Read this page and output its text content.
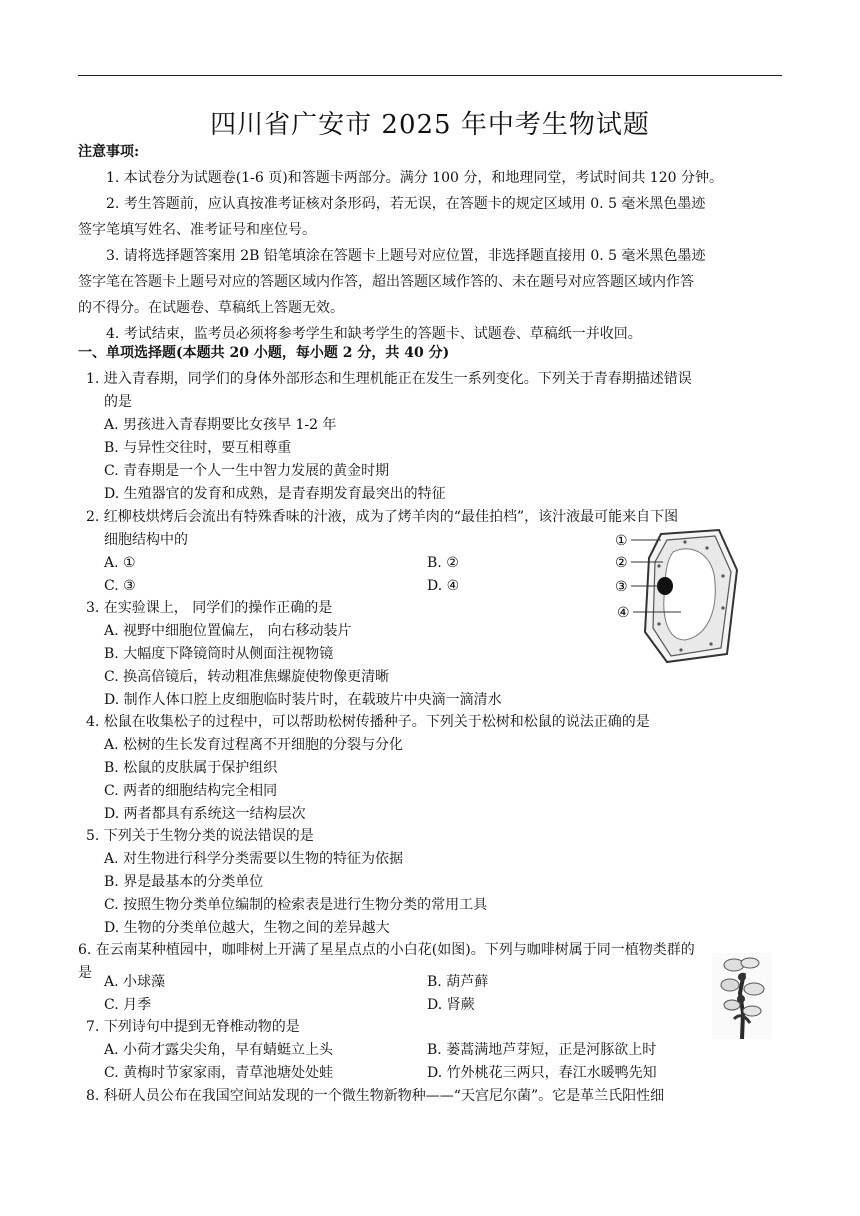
四川省广安市 2025 年中考生物试题
注意事项:
1. 本试卷分为试题卷(1-6 页)和答题卡两部分。满分 100 分，和地理同堂，考试时间共 120 分钟。
2. 考生答题前，应认真按准考证核对条形码，若无误，在答题卡的规定区域用 0. 5 毫米黑色墨迹
签字笔填写姓名、准考证号和座位号。
3. 请将选择题答案用 2B 铅笔填涂在答题卡上题号对应位置，非选择题直接用 0. 5 毫米黑色墨迹
签字笔在答题卡上题号对应的答题区域内作答，超出答题区域作答的、未在题号对应答题区域内作答
的不得分。在试题卷、草稿纸上答题无效。
4. 考试结束，监考员必须将参考学生和缺考学生的答题卡、试题卷、草稿纸一并收回。
一、单项选择题(本题共 20 小题，每小题 2 分，共 40 分)
1. 进入青春期，同学们的身体外部形态和生理机能正在发生一系列变化。下列关于青春期描述错误
的是
A. 男孩进入青春期要比女孩早 1-2 年
B. 与异性交往时，要互相尊重
C. 青春期是一个人一生中智力发展的黄金时期
D. 生殖器官的发育和成熟，是青春期发育最突出的特征
2. 红柳枝烘烤后会流出有特殊香味的汁液，成为了烤羊肉的“最佳拍档”，该汁液最可能来自下图
细胞结构中的
A. ①	B. ②
C. ③	D. ④
①
②
③
④
3. 在实验课上， 同学们的操作正确的是
A. 视野中细胞位置偏左， 向右移动装片
B. 大幅度下降镜筒时从侧面注视物镜
C. 换高倍镜后，转动粗准焦螺旋使物像更清晰
D. 制作人体口腔上皮细胞临时装片时，在载玻片中央滴一滴清水
4. 松鼠在收集松子的过程中，可以帮助松树传播种子。下列关于松树和松鼠的说法正确的是
A. 松树的生长发育过程离不开细胞的分裂与分化
B. 松鼠的皮肤属于保护组织
C. 两者的细胞结构完全相同
D. 两者都具有系统这一结构层次
5. 下列关于生物分类的说法错误的是
A. 对生物进行科学分类需要以生物的特征为依据
B. 界是最基本的分类单位
C. 按照生物分类单位编制的检索表是进行生物分类的常用工具
D. 生物的分类单位越大，生物之间的差异越大
6. 在云南某种植园中，咖啡树上开满了星星点点的小白花(如图)。下列与咖啡树属于同一植物类群的
是
A. 小球藻	B. 葫芦藓
C. 月季	D. 肾蕨
7. 下列诗句中提到无脊椎动物的是
A. 小荷才露尖尖角，早有蜻蜓立上头	B. 蒌蒿满地芦芽短，正是河豚欲上时
C. 黄梅时节家家雨，青草池塘处处蛙	D. 竹外桃花三两只，春江水暖鸭先知
8. 科研人员公布在我国空间站发现的一个微生物新物种——“天宫尼尔菌”。它是革兰氏阳性细
